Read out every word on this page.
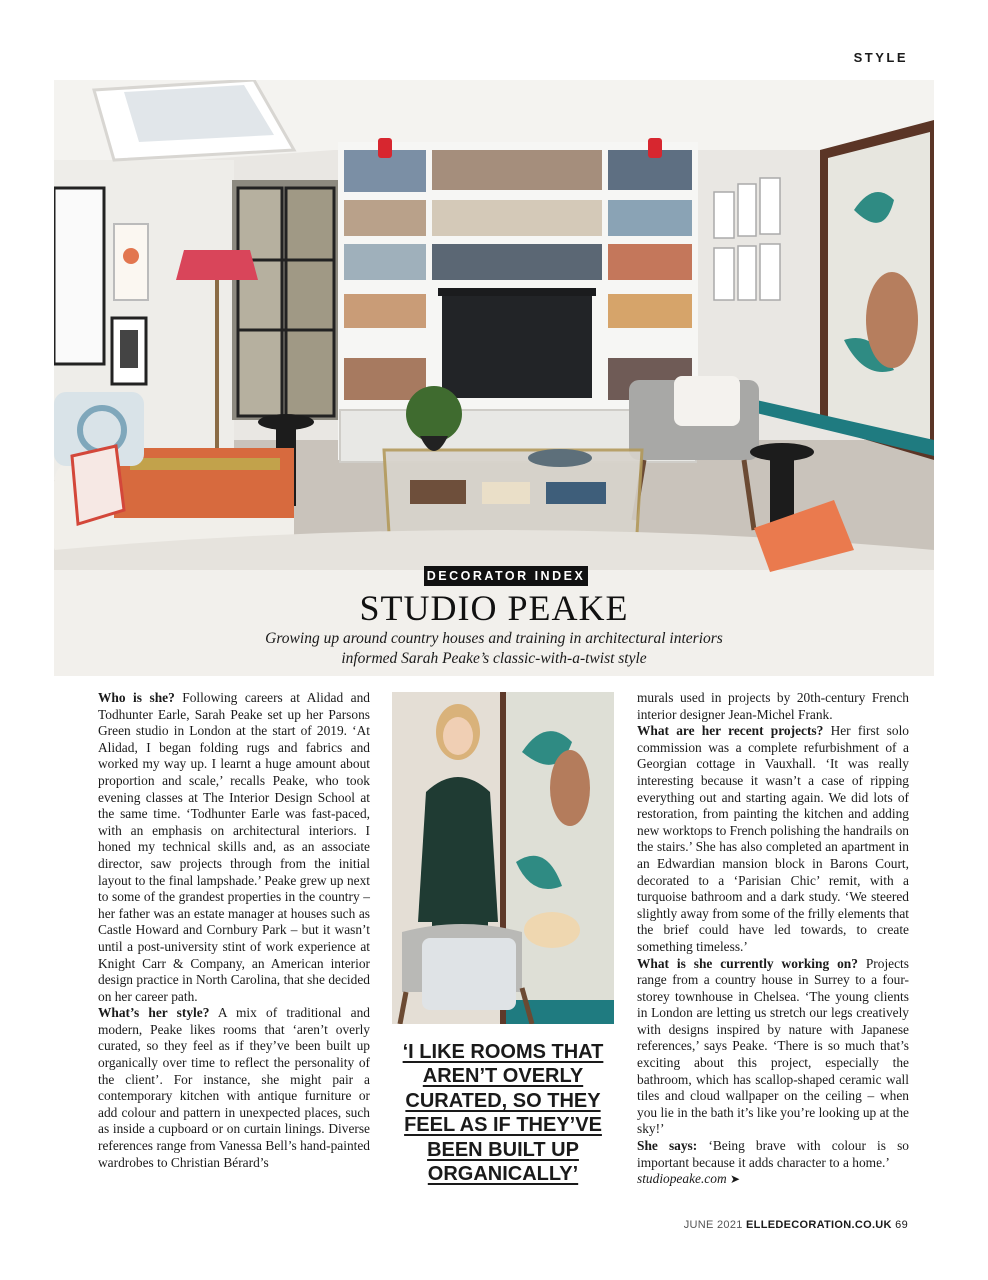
STYLE
DECORATOR INDEX
STUDIO PEAKE
Growing up around country houses and training in architectural interiors
informed Sarah Peake’s classic-with-a-twist style

Who is she? Following careers at Alidad and Todhunter Earle, Sarah Peake set up her Parsons Green studio in London at the start of 2019. ‘At Alidad, I began folding rugs and fabrics and worked my way up. I learnt a huge amount about proportion and scale,’ recalls Peake, who took evening classes at The Interior Design School at the same time. ‘Todhunter Earle was fast-paced, with an emphasis on architectural interiors. I honed my technical skills and, as an associate director, saw projects through from the initial layout to the final lampshade.’ Peake grew up next to some of the grandest properties in the country – her father was an estate manager at houses such as Castle Howard and Cornbury Park – but it wasn’t until a post-university stint of work experience at Knight Carr & Company, an American interior design practice in North Carolina, that she decided on her career path.

What’s her style? A mix of traditional and modern, Peake likes rooms that ‘aren’t overly curated, so they feel as if they’ve been built up organically over time to reflect the personality of the client’. For instance, she might pair a contemporary kitchen with antique furniture or add colour and pattern in unexpected places, such as inside a cupboard or on curtain linings. Diverse references range from Vanessa Bell’s hand-painted wardrobes to Christian Bérard’s

‘I LIKE ROOMS THAT AREN’T OVERLY CURATED, SO THEY FEEL AS IF THEY’VE BEEN BUILT UP ORGANICALLY’

murals used in projects by 20th-century French interior designer Jean-Michel Frank.

What are her recent projects? Her first solo commission was a complete refurbishment of a Georgian cottage in Vauxhall. ‘It was really interesting because it wasn’t a case of ripping everything out and starting again. We did lots of restoration, from painting the kitchen and adding new worktops to French polishing the handrails on the stairs.’ She has also completed an apartment in an Edwardian mansion block in Barons Court, decorated to a ‘Parisian Chic’ remit, with a turquoise bathroom and a dark study. ‘We steered slightly away from some of the frilly elements that the brief could have led towards, to create something timeless.’

What is she currently working on? Projects range from a country house in Surrey to a four-storey townhouse in Chelsea. ‘The young clients in London are letting us stretch our legs creatively with designs inspired by nature with Japanese references,’ says Peake. ‘There is so much that’s exciting about this project, especially the bathroom, which has scallop-shaped ceramic wall tiles and cloud wallpaper on the ceiling – when you lie in the bath it’s like you’re looking up at the sky!’

She says: ‘Being brave with colour is so important because it adds character to a home.’
studiopeake.com ➤

JUNE 2021 ELLEDECORATION.CO.UK 69
